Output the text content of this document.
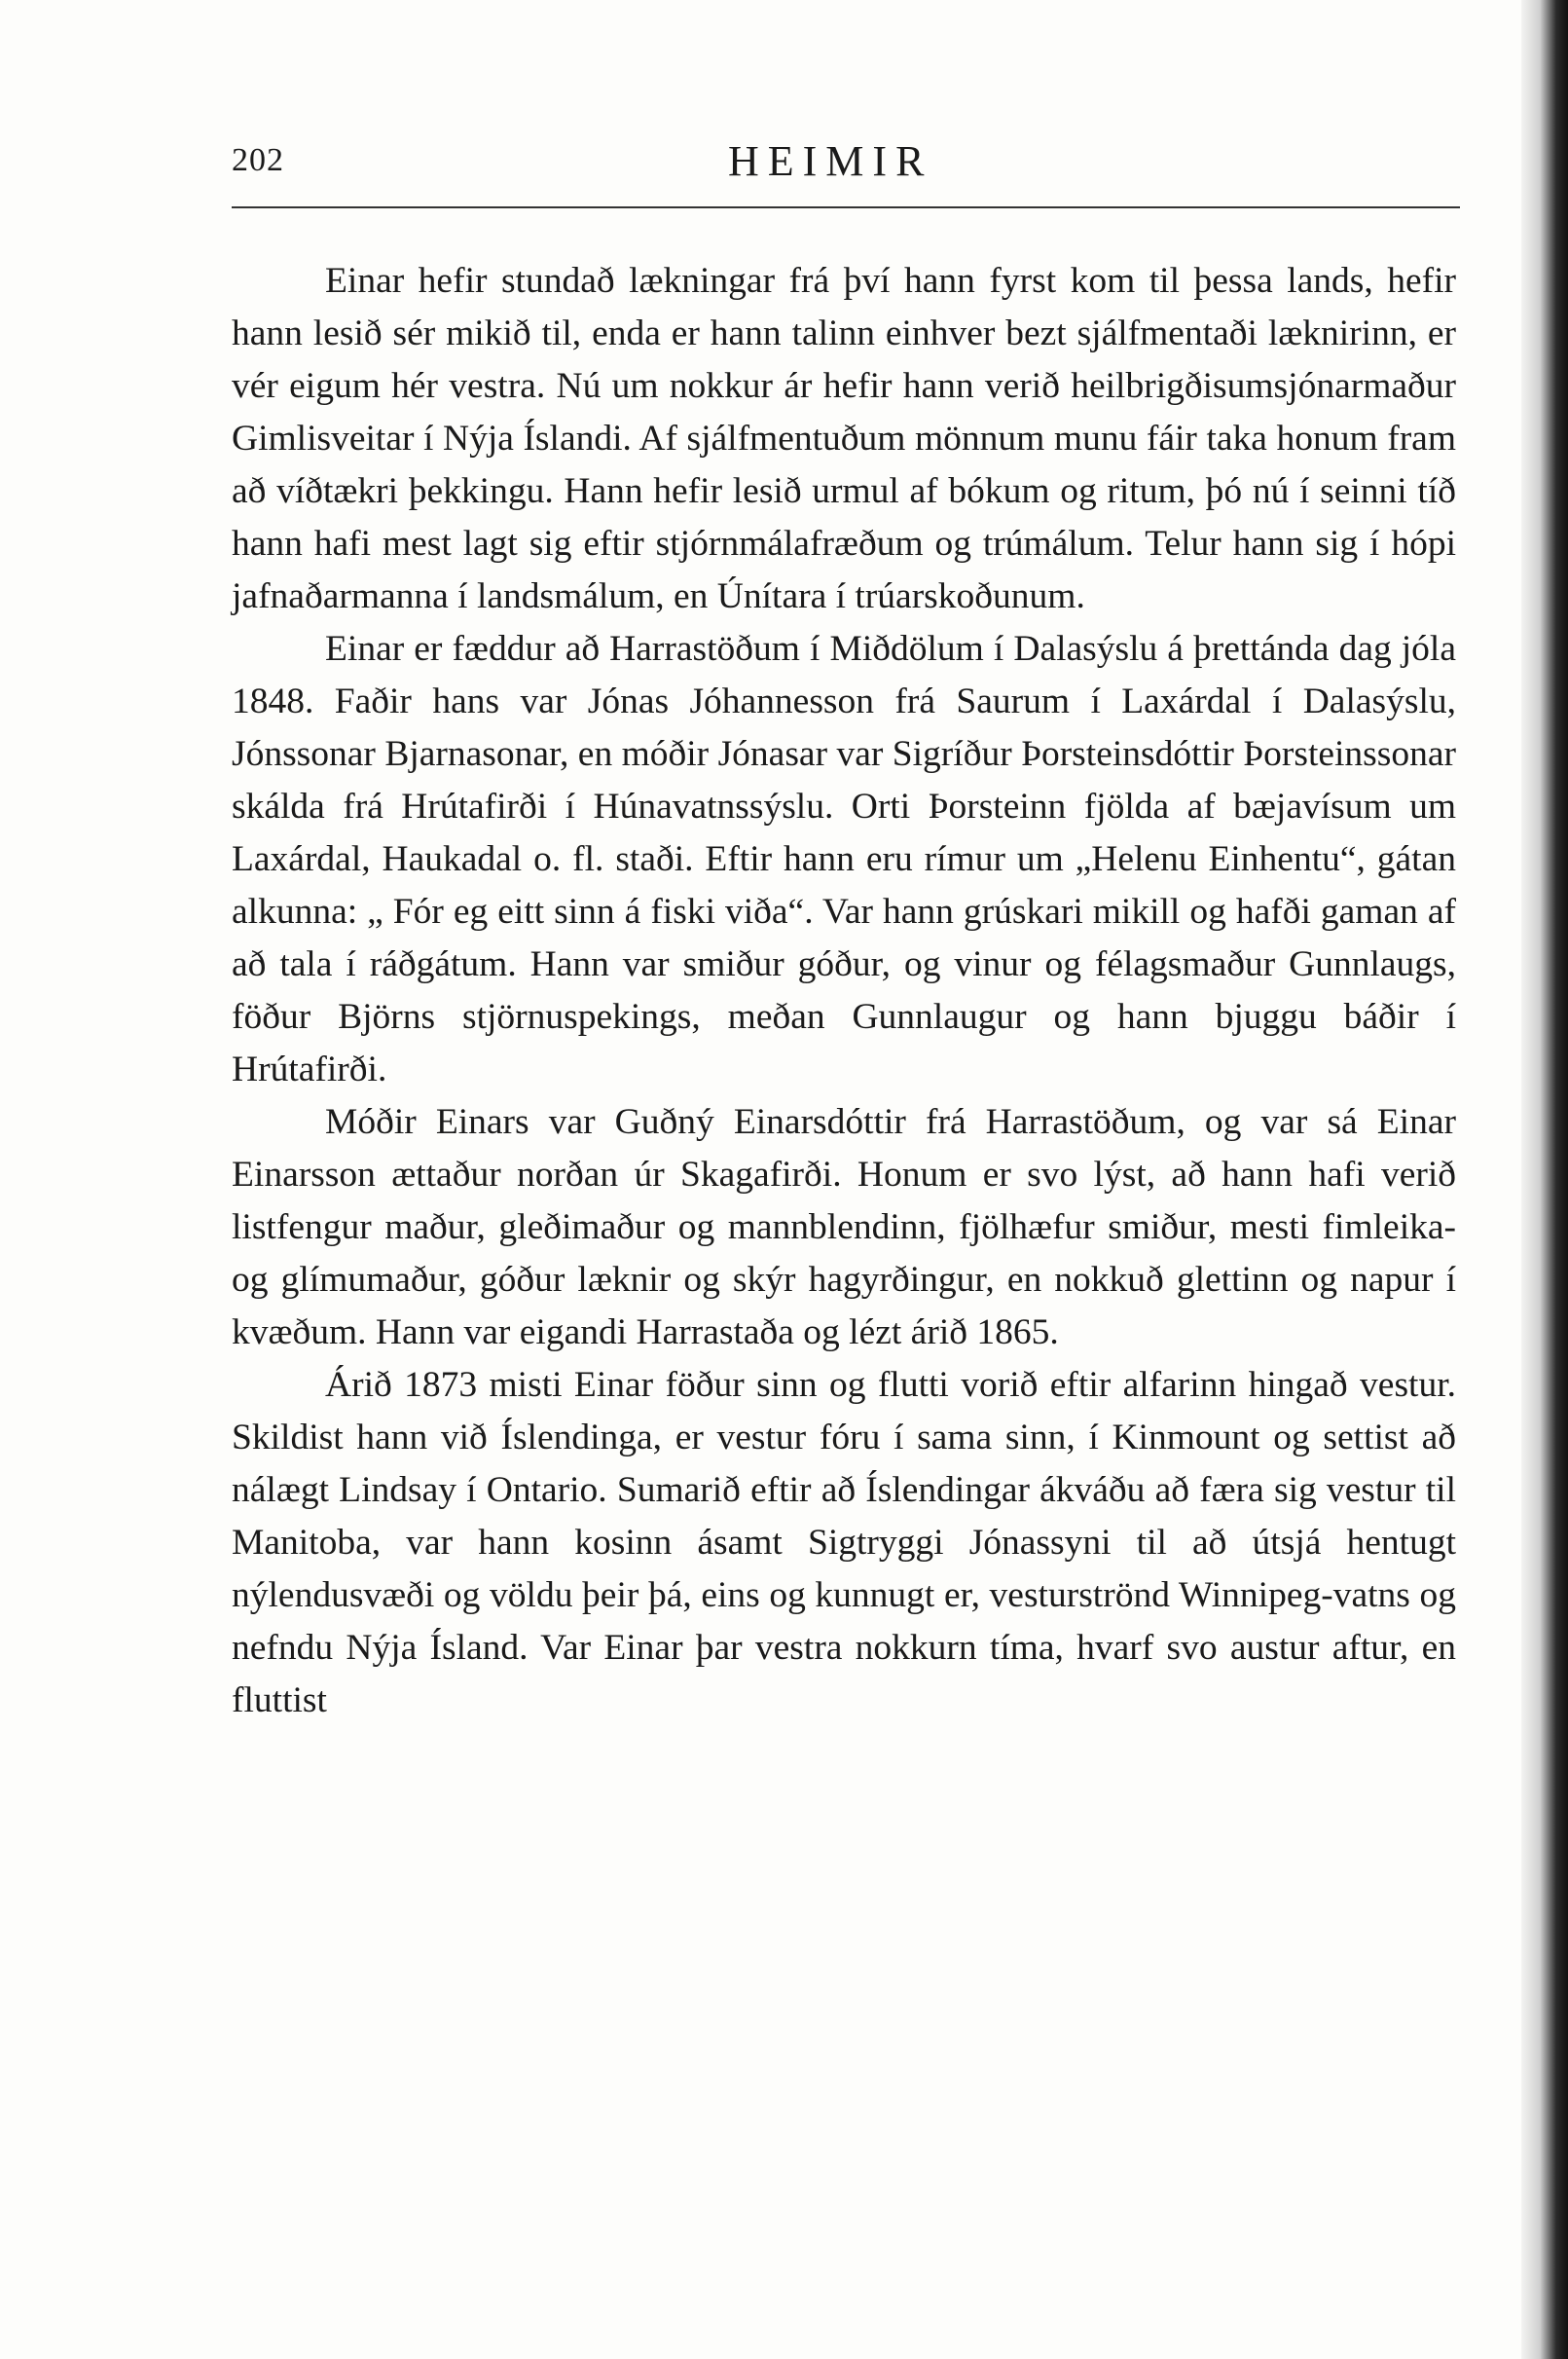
202	HEIMIR

Einar hefir stundað lækningar frá því hann fyrst kom til þessa lands, hefir hann lesið sér mikið til, enda er hann talinn einhver bezt sjálfmentaði læknirinn, er vér eigum hér vestra. Nú um nokkur ár hefir hann verið heilbrigðisumsjónarmaður Gimlisveitar í Nýja Íslandi. Af sjálfmentuðum mönnum munu fáir taka honum fram að víðtækri þekkingu. Hann hefir lesið urmul af bókum og ritum, þó nú í seinni tíð hann hafi mest lagt sig eftir stjórnmálafræðum og trúmálum. Telur hann sig í hópi jafnaðarmanna í landsmálum, en Únítara í trúarskoðunum.

Einar er fæddur að Harrastöðum í Miðdölum í Dalasýslu á þrettánda dag jóla 1848. Faðir hans var Jónas Jóhannesson frá Saurum í Laxárdal í Dalasýslu, Jónssonar Bjarnasonar, en móðir Jónasar var Sigríður Þorsteinsdóttir Þorsteinssonar skálda frá Hrútafirði í Húnavatnssýslu. Orti Þorsteinn fjölda af bæjavísum um Laxárdal, Haukadal o. fl. staði. Eftir hann eru rímur um „Helenu Einhentu“, gátan alkunna: „ Fór eg eitt sinn á fiski viða“. Var hann grúskari mikill og hafði gaman af að tala í ráðgátum. Hann var smiður góður, og vinur og félagsmaður Gunnlaugs, föður Björns stjörnuspekings, meðan Gunnlaugur og hann bjuggu báðir í Hrútafirði.

Móðir Einars var Guðný Einarsdóttir frá Harrastöðum, og var sá Einar Einarsson ættaður norðan úr Skagafirði. Honum er svo lýst, að hann hafi verið listfengur maður, gleðimaður og mannblendinn, fjölhæfur smiður, mesti fimleika- og glímumaður, góður læknir og skýr hagyrðingur, en nokkuð glettinn og napur í kvæðum. Hann var eigandi Harrastaða og lézt árið 1865.

Árið 1873 misti Einar föður sinn og flutti vorið eftir alfarinn hingað vestur. Skildist hann við Íslendinga, er vestur fóru í sama sinn, í Kinmount og settist að nálægt Lindsay í Ontario. Sumarið eftir að Íslendingar ákváðu að færa sig vestur til Manitoba, var hann kosinn ásamt Sigtryggi Jónassyni til að útsjá hentugt nýlendusvæði og völdu þeir þá, eins og kunnugt er, vesturströnd Winnipeg-vatns og nefndu Nýja Ísland. Var Einar þar vestra nokkurn tíma, hvarf svo austur aftur, en fluttist
